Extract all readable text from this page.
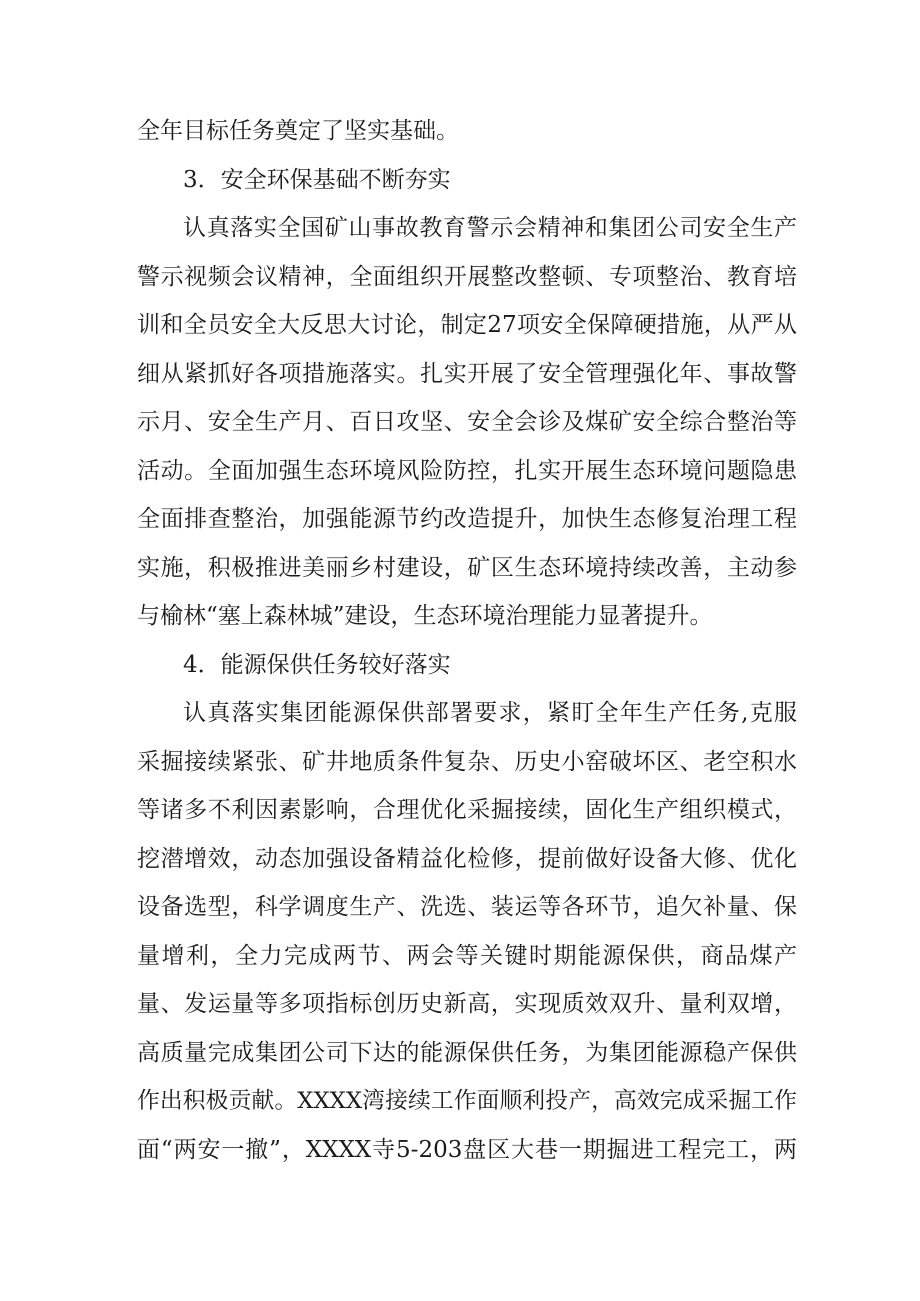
全年目标任务奠定了坚实基础。
3．安全环保基础不断夯实
认真落实全国矿山事故教育警示会精神和集团公司安全生产
警示视频会议精神，全面组织开展整改整顿、专项整治、教育培
训和全员安全大反思大讨论，制定27项安全保障硬措施，从严从
细从紧抓好各项措施落实。扎实开展了安全管理强化年、事故警
示月、安全生产月、百日攻坚、安全会诊及煤矿安全综合整治等
活动。全面加强生态环境风险防控，扎实开展生态环境问题隐患
全面排查整治，加强能源节约改造提升，加快生态修复治理工程
实施，积极推进美丽乡村建设，矿区生态环境持续改善，主动参
与榆林“塞上森林城”建设，生态环境治理能力显著提升。
4．能源保供任务较好落实
认真落实集团能源保供部署要求，紧盯全年生产任务,克服
采掘接续紧张、矿井地质条件复杂、历史小窑破坏区、老空积水
等诸多不利因素影响，合理优化采掘接续，固化生产组织模式，
挖潜增效，动态加强设备精益化检修，提前做好设备大修、优化
设备选型，科学调度生产、洗选、装运等各环节，追欠补量、保
量增利，全力完成两节、两会等关键时期能源保供，商品煤产
量、发运量等多项指标创历史新高，实现质效双升、量利双增，
高质量完成集团公司下达的能源保供任务，为集团能源稳产保供
作出积极贡献。XXXX湾接续工作面顺利投产，高效完成采掘工作
面“两安一撤”，XXXX寺5-203盘区大巷一期掘进工程完工，两
